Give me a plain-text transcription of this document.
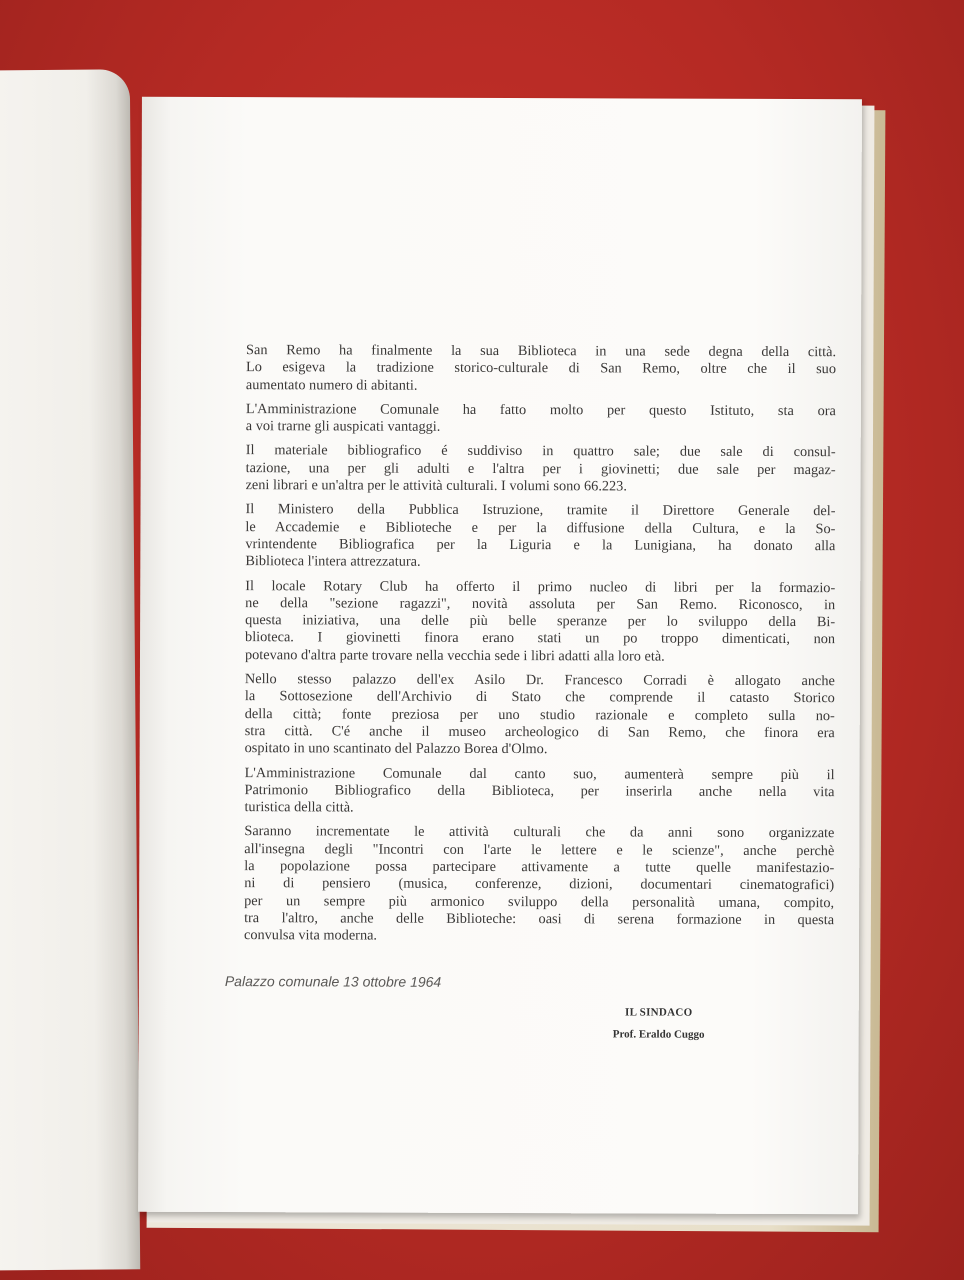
San Remo ha finalmente la sua Biblioteca in una sede degna della città.
Lo esigeva la tradizione storico-culturale di San Remo, oltre che il suo
aumentato numero di abitanti.
L'Amministrazione Comunale ha fatto molto per questo Istituto, sta ora
a voi trarne gli auspicati vantaggi.
Il materiale bibliografico é suddiviso in quattro sale; due sale di consul-
tazione, una per gli adulti e l'altra per i giovinetti; due sale per magaz-
zeni librari e un'altra per le attività culturali. I volumi sono 66.223.
Il Ministero della Pubblica Istruzione, tramite il Direttore Generale del-
le Accademie e Biblioteche e per la diffusione della Cultura, e la So-
vrintendente Bibliografica per la Liguria e la Lunigiana, ha donato alla
Biblioteca l'intera attrezzatura.
Il locale Rotary Club ha offerto il primo nucleo di libri per la formazio-
ne della "sezione ragazzi", novità assoluta per San Remo. Riconosco, in
questa iniziativa, una delle più belle speranze per lo sviluppo della Bi-
blioteca. I giovinetti finora erano stati un po troppo dimenticati, non
potevano d'altra parte trovare nella vecchia sede i libri adatti alla loro età.
Nello stesso palazzo dell'ex Asilo Dr. Francesco Corradi è allogato anche
la Sottosezione dell'Archivio di Stato che comprende il catasto Storico
della città; fonte preziosa per uno studio razionale e completo sulla no-
stra città. C'é anche il museo archeologico di San Remo, che finora era
ospitato in uno scantinato del Palazzo Borea d'Olmo.
L'Amministrazione Comunale dal canto suo, aumenterà sempre più il
Patrimonio Bibliografico della Biblioteca, per inserirla anche nella vita
turistica della città.
Saranno incrementate le attività culturali che da anni sono organizzate
all'insegna degli "Incontri con l'arte le lettere e le scienze", anche perchè
la popolazione possa partecipare attivamente a tutte quelle manifestazio-
ni di pensiero (musica, conferenze, dizioni, documentari cinematografici)
per un sempre più armonico sviluppo della personalità umana, compito,
tra l'altro, anche delle Biblioteche: oasi di serena formazione in questa
convulsa vita moderna.
Palazzo comunale 13 ottobre 1964
IL SINDACO
Prof. Eraldo Cuggo
